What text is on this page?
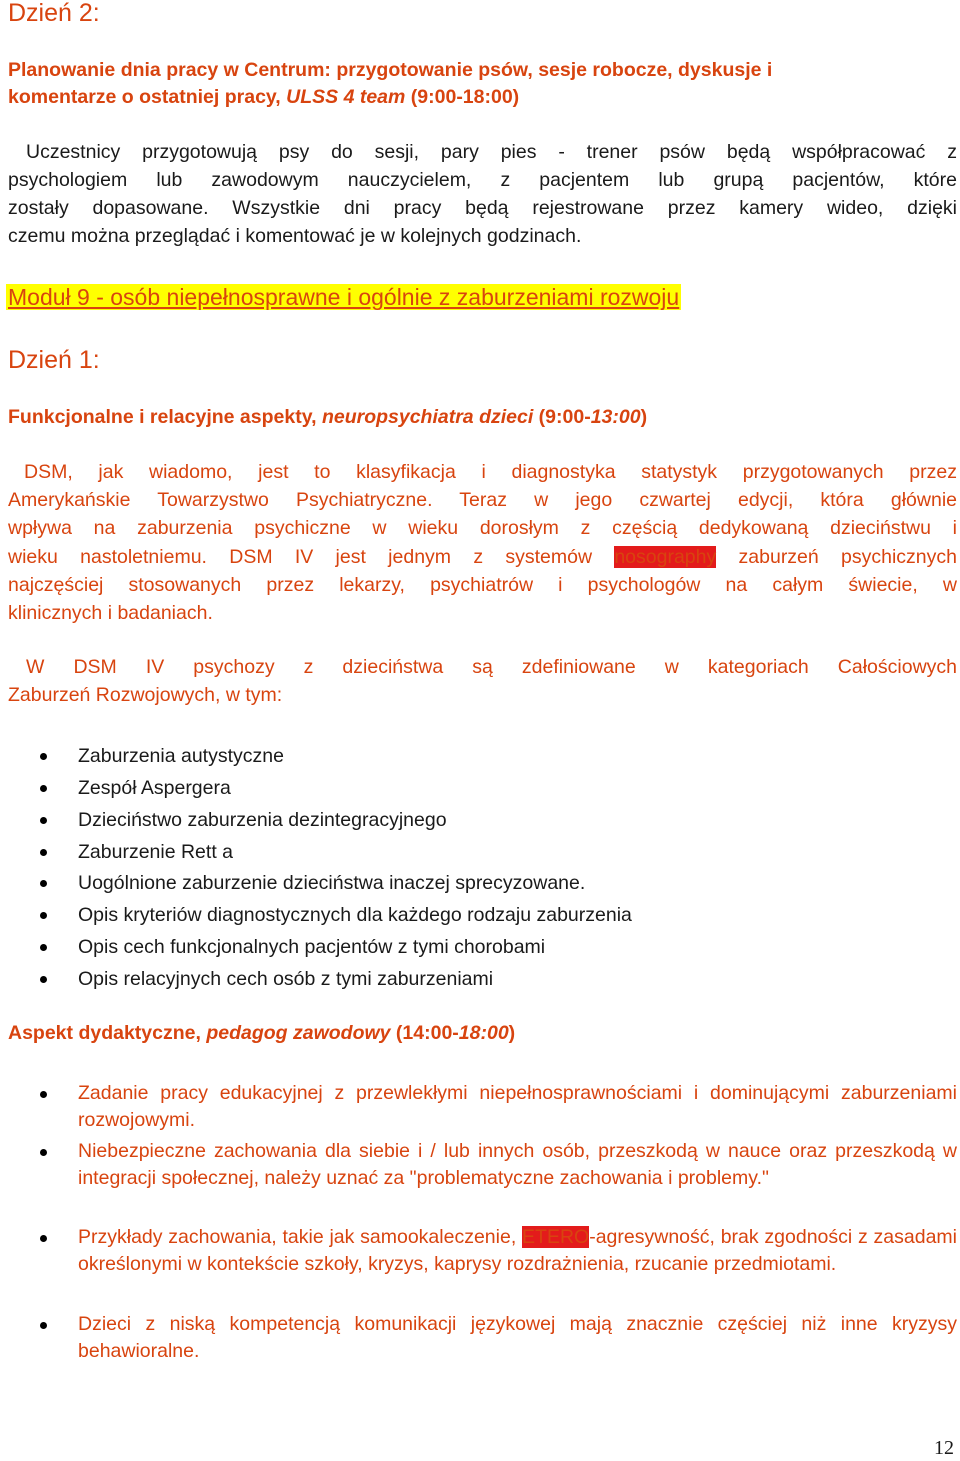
Dzień 2:
Planowanie dnia pracy w Centrum: przygotowanie psów, sesje robocze, dyskusje i
komentarze o ostatniej pracy, ULSS 4 team (9:00-18:00)
Uczestnicy przygotowują psy do sesji, pary pies - trener psów będą współpracować z
psychologiem lub zawodowym nauczycielem, z pacjentem lub grupą pacjentów, które
zostały dopasowane. Wszystkie dni pracy będą rejestrowane przez kamery wideo, dzięki
czemu można przeglądać i komentować je w kolejnych godzinach.
Moduł 9 - osób niepełnosprawne i ogólnie z zaburzeniami rozwoju
Dzień 1:
Funkcjonalne i relacyjne aspekty, neuropsychiatra dzieci (9:00-13:00)
DSM, jak wiadomo, jest to klasyfikacja i diagnostyka statystyk przygotowanych przez
Amerykańskie Towarzystwo Psychiatryczne. Teraz w jego czwartej edycji, która głównie
wpływa na zaburzenia psychiczne w wieku dorosłym z częścią dedykowaną dzieciństwu i
wieku nastoletniemu. DSM IV jest jednym z systemów nosography zaburzeń psychicznych
najczęściej stosowanych przez lekarzy, psychiatrów i psychologów na całym świecie, w
klinicznych i badaniach.
W DSM IV psychozy z dzieciństwa są zdefiniowane w kategoriach Całościowych
Zaburzeń Rozwojowych, w tym:
Zaburzenia autystyczne
Zespół Aspergera
Dzieciństwo zaburzenia dezintegracyjnego
Zaburzenie Rett a
Uogólnione zaburzenie dzieciństwa inaczej sprecyzowane.
Opis kryteriów diagnostycznych dla każdego rodzaju zaburzenia
Opis cech funkcjonalnych pacjentów z tymi chorobami
Opis relacyjnych cech osób z tymi zaburzeniami
Aspekt dydaktyczne, pedagog zawodowy (14:00-18:00)
Zadanie pracy edukacyjnej z przewlekłymi niepełnosprawnościami i dominującymi zaburzeniami rozwojowymi.
Niebezpieczne zachowania dla siebie i / lub innych osób, przeszkodą w nauce oraz przeszkodą w integracji społecznej, należy uznać za "problematyczne zachowania i problemy."
Przykłady zachowania, takie jak samookaleczenie, ETERO-agresywność, brak zgodności z zasadami określonymi w kontekście szkoły, kryzys, kaprysy rozdrażnienia, rzucanie przedmiotami.
Dzieci z niską kompetencją komunikacji językowej mają znacznie częściej niż inne kryzysy behawioralne.
12
